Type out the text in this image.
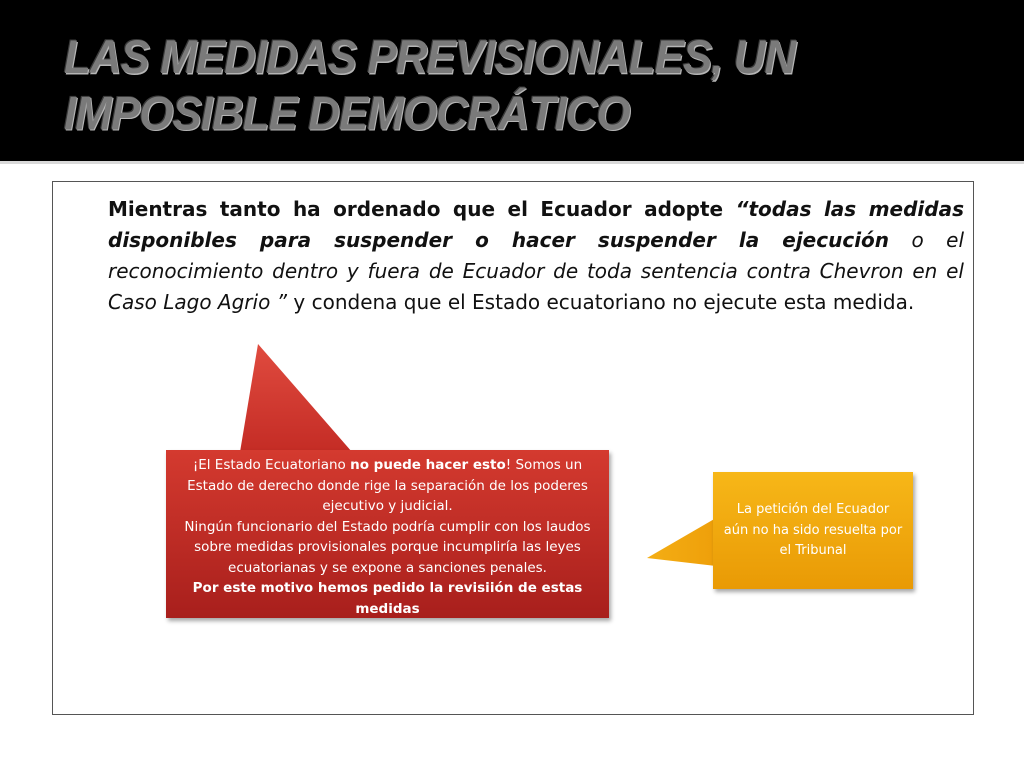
LAS MEDIDAS PREVISIONALES, UN IMPOSIBLE DEMOCRÁTICO

Mientras tanto ha ordenado que el Ecuador adopte “todas las medidas disponibles para suspender o hacer suspender la ejecución o el reconocimiento dentro y fuera de Ecuador de toda sentencia contra Chevron en el Caso Lago Agrio ” y condena que el Estado ecuatoriano no ejecute esta medida.

¡El Estado Ecuatoriano no puede hacer esto! Somos un Estado de derecho donde rige la separación de los poderes ejecutivo y judicial.

Ningún funcionario del Estado podría cumplir con los laudos sobre medidas provisionales porque incumpliría las leyes ecuatorianas y se expone a sanciones penales.

Por este motivo hemos pedido la revisiión de estas medidas

La petición del Ecuador aún no ha sido resuelta por el Tribunal
